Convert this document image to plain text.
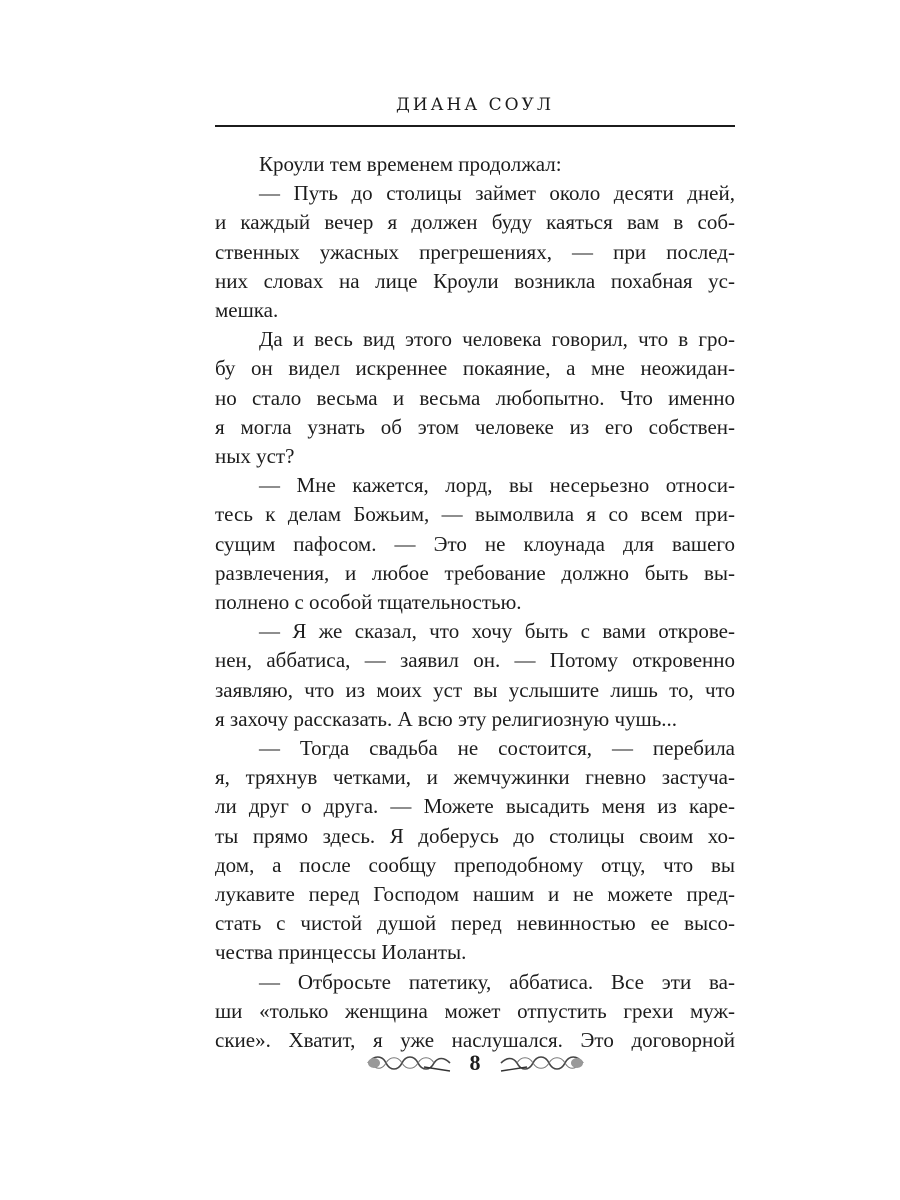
ДИАНА СОУЛ

Кроули тем временем продолжал:

— Путь до столицы займет около десяти дней,
и каждый вечер я должен буду каяться вам в соб-
ственных ужасных прегрешениях, — при послед-
них словах на лице Кроули возникла похабная ус-
мешка.

Да и весь вид этого человека говорил, что в гро-
бу он видел искреннее покаяние, а мне неожидан-
но стало весьма и весьма любопытно. Что именно
я могла узнать об этом человеке из его собствен-
ных уст?

— Мне кажется, лорд, вы несерьезно относи-
тесь к делам Божьим, — вымолвила я со всем при-
сущим пафосом. — Это не клоунада для вашего
развлечения, и любое требование должно быть вы-
полнено с особой тщательностью.

— Я же сказал, что хочу быть с вами открове-
нен, аббатиса, — заявил он. — Потому откровенно
заявляю, что из моих уст вы услышите лишь то, что
я захочу рассказать. А всю эту религиозную чушь...

— Тогда свадьба не состоится, — перебила
я, тряхнув четками, и жемчужинки гневно застуча-
ли друг о друга. — Можете высадить меня из каре-
ты прямо здесь. Я доберусь до столицы своим хо-
дом, а после сообщу преподобному отцу, что вы
лукавите перед Господом нашим и не можете пред-
стать с чистой душой перед невинностью ее высо-
чества принцессы Иоланты.

— Отбросьте патетику, аббатиса. Все эти ва-
ши «только женщина может отпустить грехи муж-
ские». Хватит, я уже наслушался. Это договорной

8
